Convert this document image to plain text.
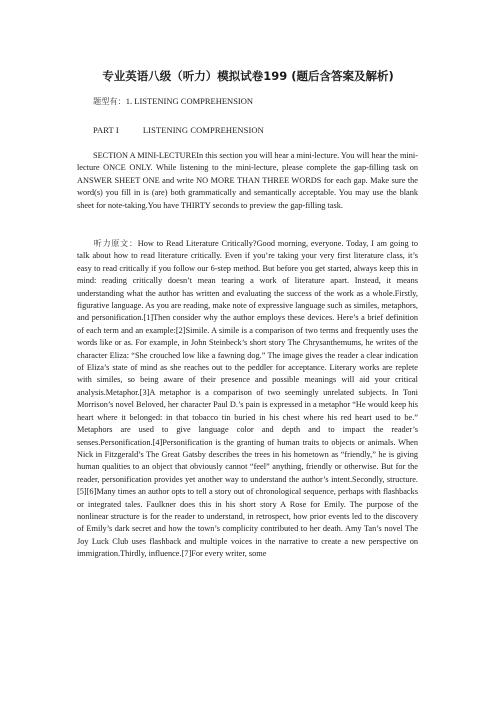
专业英语八级（听力）模拟试卷199 (题后含答案及解析)
题型有：1. LISTENING COMPREHENSION
PART I	LISTENING COMPREHENSION
SECTION A MINI-LECTUREIn this section you will hear a mini-lecture. You will hear the mini-lecture ONCE ONLY. While listening to the mini-lecture, please complete the gap-filling task on ANSWER SHEET ONE and write NO MORE THAN THREE WORDS for each gap. Make sure the word(s) you fill in is (are) both grammatically and semantically acceptable. You may use the blank sheet for note-taking.You have THIRTY seconds to preview the gap-filling task.
听力原文：How to Read Literature Critically?Good morning, everyone. Today, I am going to talk about how to read literature critically. Even if you’re taking your very first literature class, it’s easy to read critically if you follow our 6-step method. But before you get started, always keep this in mind: reading critically doesn’t mean tearing a work of literature apart. Instead, it means understanding what the author has written and evaluating the success of the work as a whole.Firstly, figurative language. As you are reading, make note of expressive language such as similes, metaphors, and personification.[1]Then consider why the author employs these devices. Here’s a brief definition of each term and an example:[2]Simile. A simile is a comparison of two terms and frequently uses the words like or as. For example, in John Steinbeck’s short story The Chrysanthemums, he writes of the character Eliza: “She crouched low like a fawning dog.” The image gives the reader a clear indication of Eliza’s state of mind as she reaches out to the peddler for acceptance. Literary works are replete with similes, so being aware of their presence and possible meanings will aid your critical analysis.Metaphor.[3]A metaphor is a comparison of two seemingly unrelated subjects. In Toni Morrison’s novel Beloved, her character Paul D.’s pain is expressed in a metaphor “He would keep his heart where it belonged: in that tobacco tin buried in his chest where his red heart used to be.” Metaphors are used to give language color and depth and to impact the reader’s senses.Personification.[4]Personification is the granting of human traits to objects or animals. When Nick in Fitzgerald’s The Great Gatsby describes the trees in his hometown as “friendly,” he is giving human qualities to an object that obviously cannot “feel” anything, friendly or otherwise. But for the reader, personification provides yet another way to understand the author’s intent.Secondly, structure.[5][6]Many times an author opts to tell a story out of chronological sequence, perhaps with flashbacks or integrated tales. Faulkner does this in his short story A Rose for Emily. The purpose of the nonlinear structure is for the reader to understand, in retrospect, how prior events led to the discovery of Emily’s dark secret and how the town’s complicity contributed to her death. Amy Tan’s novel The Joy Luck Club uses flashback and multiple voices in the narrative to create a new perspective on immigration.Thirdly, influence.[7]For every writer, some
